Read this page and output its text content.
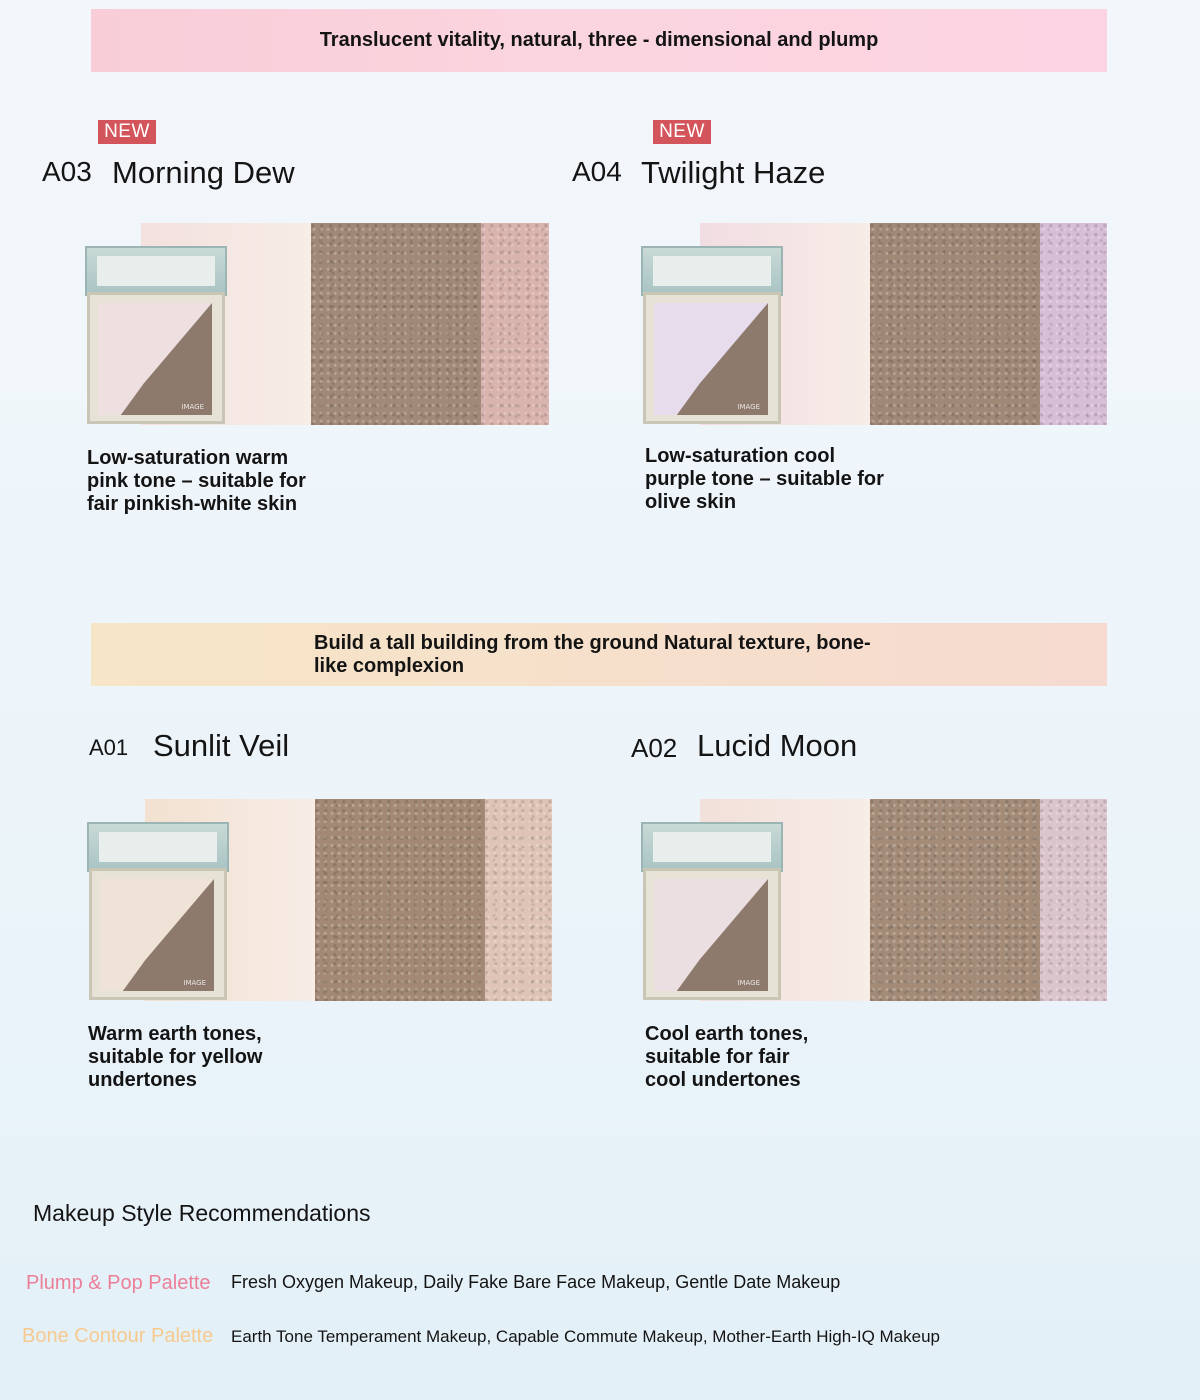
Translucent vitality, natural, three - dimensional and plump
NEW
A03 Morning Dew
IMAGE
Low-saturation warm pink tone – suitable for fair pinkish-white skin
NEW
A04 Twilight Haze
IMAGE
Low-saturation cool purple tone – suitable for olive skin
Build a tall building from the ground Natural texture, bone-like complexion
A01 Sunlit Veil
IMAGE
Warm earth tones, suitable for yellow undertones
A02 Lucid Moon
IMAGE
Cool earth tones, suitable for fair cool undertones
Makeup Style Recommendations
Plump & Pop Palette Fresh Oxygen Makeup, Daily Fake Bare Face Makeup, Gentle Date Makeup
Bone Contour Palette Earth Tone Temperament Makeup, Capable Commute Makeup, Mother-Earth High-IQ Makeup
